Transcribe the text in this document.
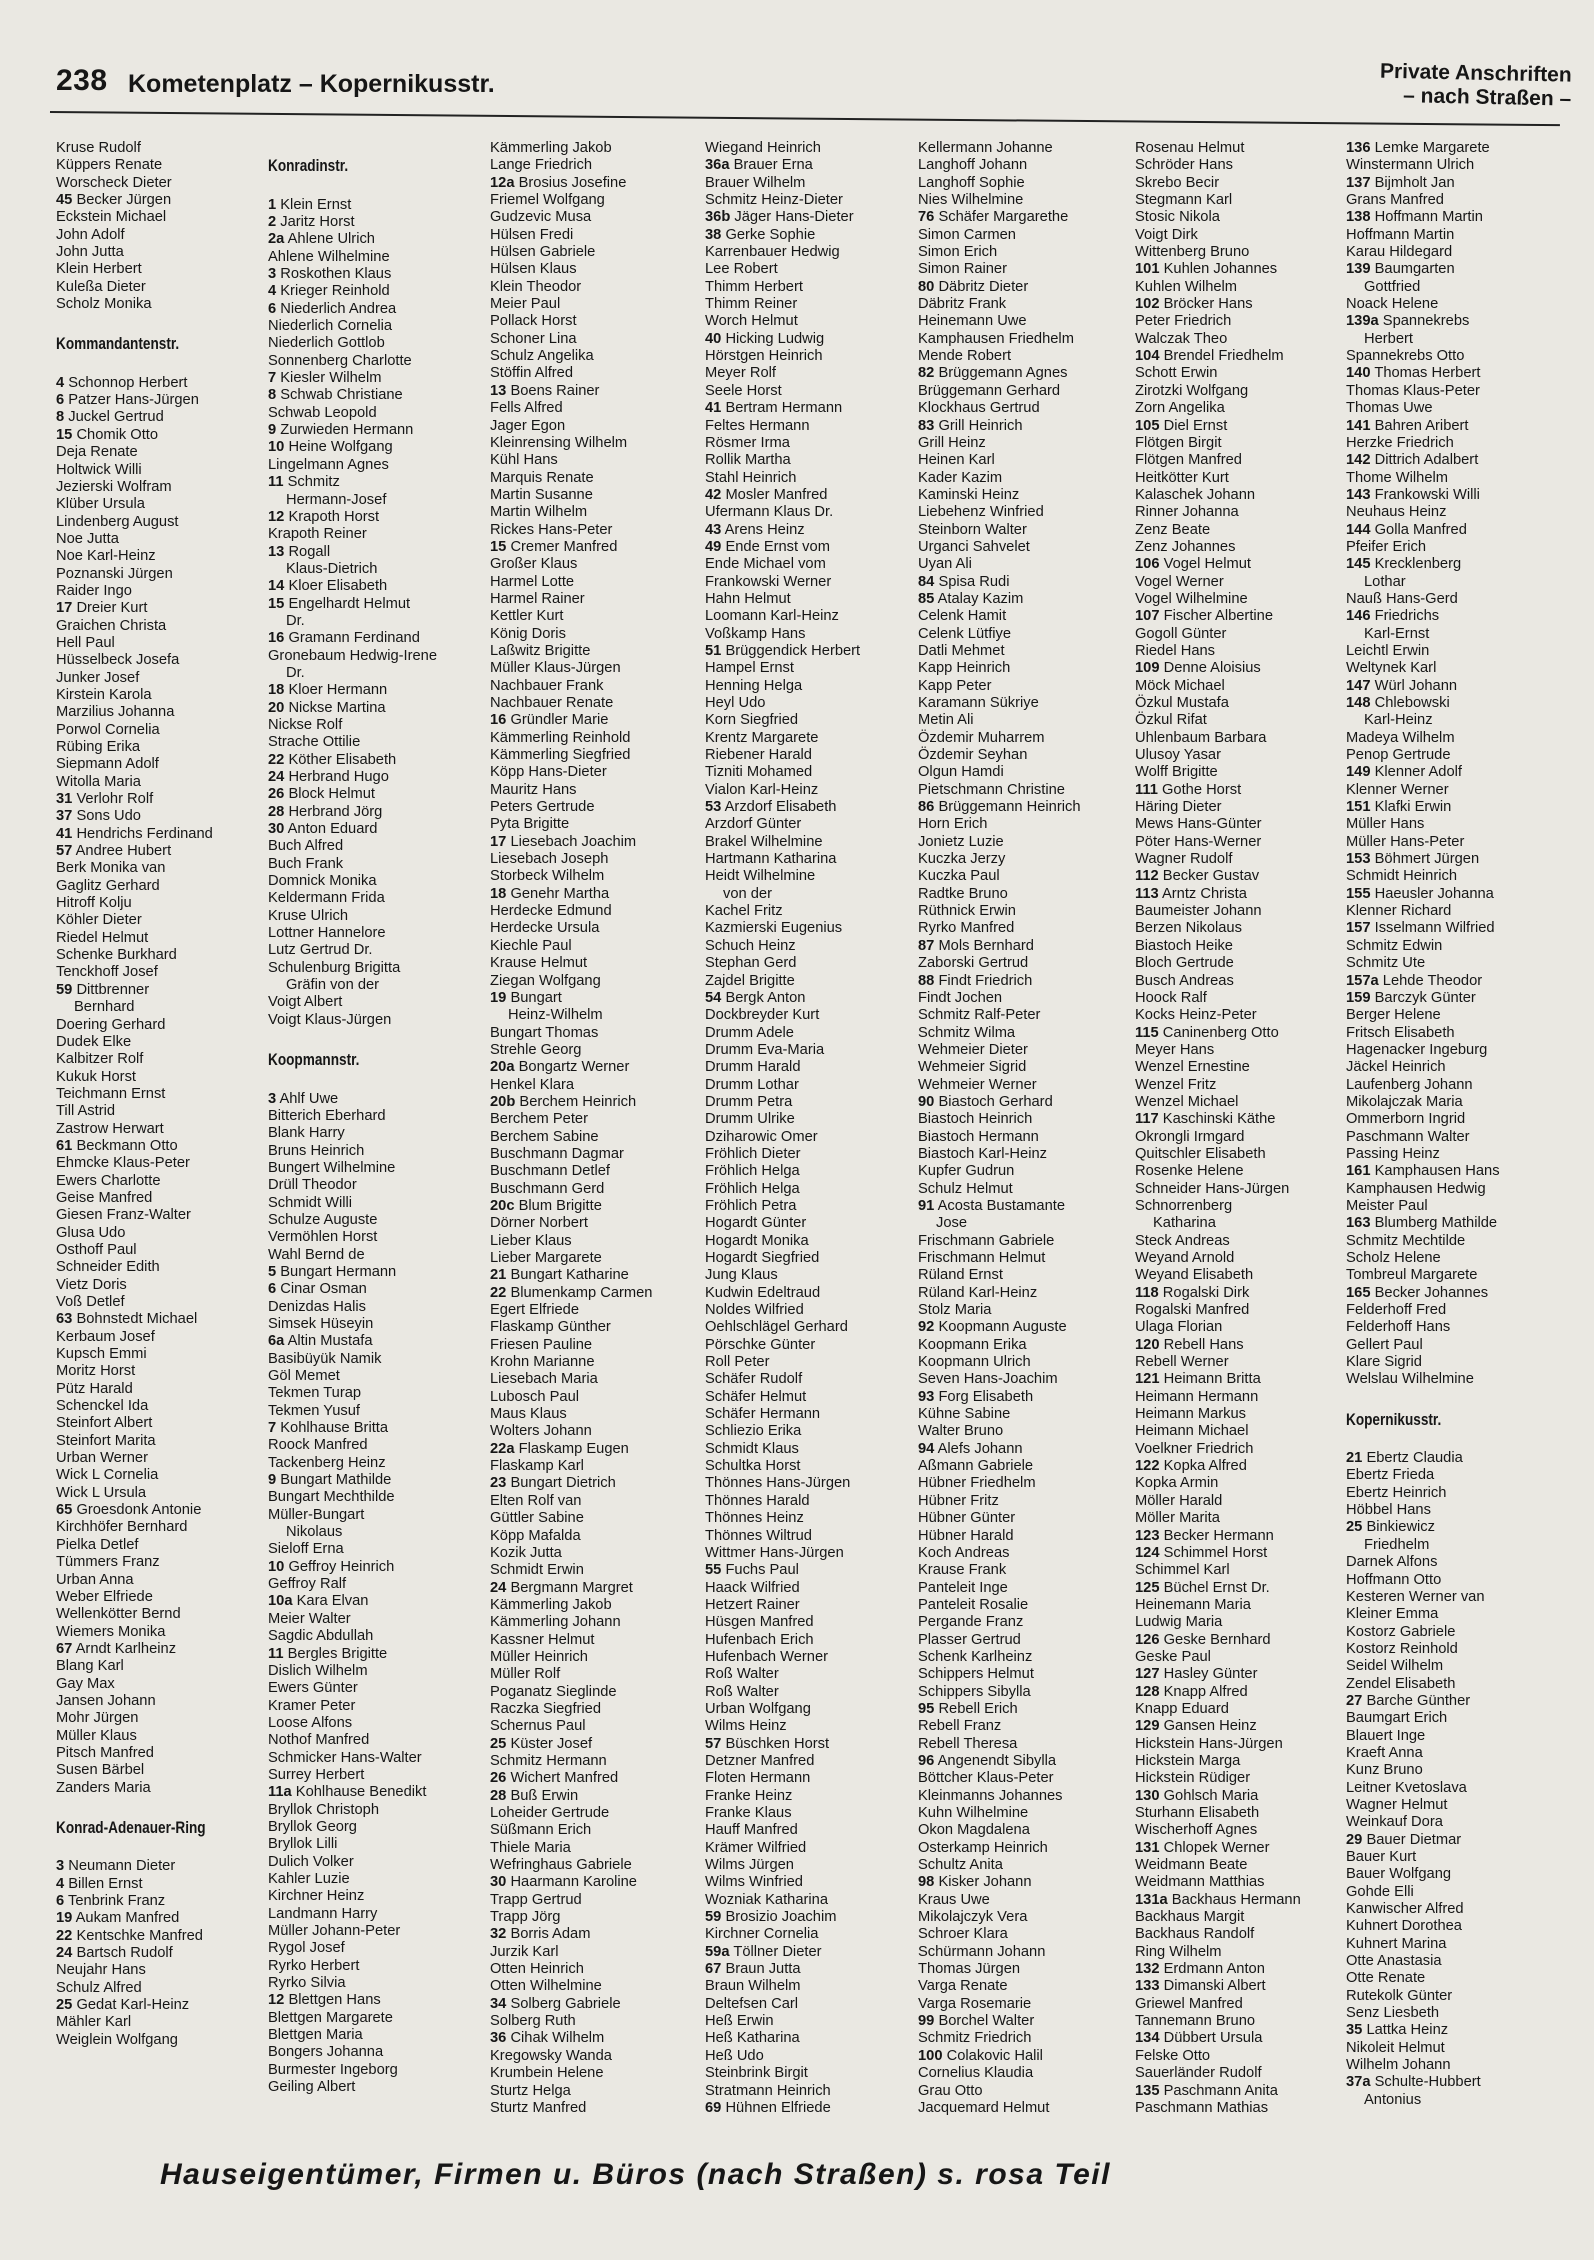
238 Kometenplatz – Kopernikusstr.	Private Anschriften
– nach Straßen –
Kruse Rudolf
Küppers Renate
Worscheck Dieter
45 Becker Jürgen
Eckstein Michael
John Adolf
John Jutta
Klein Herbert
Kuleßa Dieter
Scholz Monika
Kommandantenstr.
4 Schonnop Herbert
6 Patzer Hans-Jürgen
8 Juckel Gertrud
15 Chomik Otto
Deja Renate
Holtwick Willi
Jezierski Wolfram
Klüber Ursula
Lindenberg August
Noe Jutta
Noe Karl-Heinz
Poznanski Jürgen
Raider Ingo
17 Dreier Kurt
Graichen Christa
Hell Paul
Hüsselbeck Josefa
Junker Josef
Kirstein Karola
Marzilius Johanna
Porwol Cornelia
Rübing Erika
Siepmann Adolf
Witolla Maria
31 Verlohr Rolf
37 Sons Udo
41 Hendrichs Ferdinand
57 Andree Hubert
Berk Monika van
Gaglitz Gerhard
Hitroff Kolju
Köhler Dieter
Riedel Helmut
Schenke Burkhard
Tenckhoff Josef
59 Dittbrenner
Bernhard
Doering Gerhard
Dudek Elke
Kalbitzer Rolf
Kukuk Horst
Teichmann Ernst
Till Astrid
Zastrow Herwart
61 Beckmann Otto
Ehmcke Klaus-Peter
Ewers Charlotte
Geise Manfred
Giesen Franz-Walter
Glusa Udo
Osthoff Paul
Schneider Edith
Vietz Doris
Voß Detlef
63 Bohnstedt Michael
Kerbaum Josef
Kupsch Emmi
Moritz Horst
Pütz Harald
Schenckel Ida
Steinfort Albert
Steinfort Marita
Urban Werner
Wick L Cornelia
Wick L Ursula
65 Groesdonk Antonie
Kirchhöfer Bernhard
Pielka Detlef
Tümmers Franz
Urban Anna
Weber Elfriede
Wellenkötter Bernd
Wiemers Monika
67 Arndt Karlheinz
Blang Karl
Gay Max
Jansen Johann
Mohr Jürgen
Müller Klaus
Pitsch Manfred
Susen Bärbel
Zanders Maria
Konrad-Adenauer-Ring
3 Neumann Dieter
4 Billen Ernst
6 Tenbrink Franz
19 Aukam Manfred
22 Kentschke Manfred
24 Bartsch Rudolf
Neujahr Hans
Schulz Alfred
25 Gedat Karl-Heinz
Mähler Karl
Weiglein Wolfgang
Konradinstr.
1 Klein Ernst
2 Jaritz Horst
2a Ahlene Ulrich
Ahlene Wilhelmine
3 Roskothen Klaus
4 Krieger Reinhold
6 Niederlich Andrea
Niederlich Cornelia
Niederlich Gottlob
Sonnenberg Charlotte
7 Kiesler Wilhelm
8 Schwab Christiane
Schwab Leopold
9 Zurwieden Hermann
10 Heine Wolfgang
Lingelmann Agnes
11 Schmitz
Hermann-Josef
12 Krapoth Horst
Krapoth Reiner
13 Rogall
Klaus-Dietrich
14 Kloer Elisabeth
15 Engelhardt Helmut
Dr.
16 Gramann Ferdinand
Gronebaum Hedwig-Irene
Dr.
18 Kloer Hermann
20 Nickse Martina
Nickse Rolf
Strache Ottilie
22 Köther Elisabeth
24 Herbrand Hugo
26 Block Helmut
28 Herbrand Jörg
30 Anton Eduard
Buch Alfred
Buch Frank
Domnick Monika
Keldermann Frida
Kruse Ulrich
Lottner Hannelore
Lutz Gertrud Dr.
Schulenburg Brigitta
Gräfin von der
Voigt Albert
Voigt Klaus-Jürgen
Koopmannstr.
3 Ahlf Uwe
Bitterich Eberhard
Blank Harry
Bruns Heinrich
Bungert Wilhelmine
Drüll Theodor
Schmidt Willi
Schulze Auguste
Vermöhlen Horst
Wahl Bernd de
5 Bungart Hermann
6 Cinar Osman
Denizdas Halis
Simsek Hüseyin
6a Altin Mustafa
Basibüyük Namik
Göl Memet
Tekmen Turap
Tekmen Yusuf
7 Kohlhause Britta
Roock Manfred
Tackenberg Heinz
9 Bungart Mathilde
Bungart Mechthilde
Müller-Bungart
Nikolaus
Sieloff Erna
10 Geffroy Heinrich
Geffroy Ralf
10a Kara Elvan
Meier Walter
Sagdic Abdullah
11 Bergles Brigitte
Dislich Wilhelm
Ewers Günter
Kramer Peter
Loose Alfons
Nothof Manfred
Schmicker Hans-Walter
Surrey Herbert
11a Kohlhause Benedikt
Bryllok Christoph
Bryllok Georg
Bryllok Lilli
Dulich Volker
Kahler Luzie
Kirchner Heinz
Landmann Harry
Müller Johann-Peter
Rygol Josef
Ryrko Herbert
Ryrko Silvia
12 Blettgen Hans
Blettgen Margarete
Blettgen Maria
Bongers Johanna
Burmester Ingeborg
Geiling Albert
Kämmerling Jakob
Lange Friedrich
12a Brosius Josefine
Friemel Wolfgang
Gudzevic Musa
Hülsen Fredi
Hülsen Gabriele
Hülsen Klaus
Klein Theodor
Meier Paul
Pollack Horst
Schoner Lina
Schulz Angelika
Stöffin Alfred
13 Boens Rainer
Fells Alfred
Jager Egon
Kleinrensing Wilhelm
Kühl Hans
Marquis Renate
Martin Susanne
Martin Wilhelm
Rickes Hans-Peter
15 Cremer Manfred
Großer Klaus
Harmel Lotte
Harmel Rainer
Kettler Kurt
König Doris
Laßwitz Brigitte
Müller Klaus-Jürgen
Nachbauer Frank
Nachbauer Renate
16 Gründler Marie
Kämmerling Reinhold
Kämmerling Siegfried
Köpp Hans-Dieter
Mauritz Hans
Peters Gertrude
Pyta Brigitte
17 Liesebach Joachim
Liesebach Joseph
Storbeck Wilhelm
18 Genehr Martha
Herdecke Edmund
Herdecke Ursula
Kiechle Paul
Krause Helmut
Ziegan Wolfgang
19 Bungart
Heinz-Wilhelm
Bungart Thomas
Strehle Georg
20a Bongartz Werner
Henkel Klara
20b Berchem Heinrich
Berchem Peter
Berchem Sabine
Buschmann Dagmar
Buschmann Detlef
Buschmann Gerd
20c Blum Brigitte
Dörner Norbert
Lieber Klaus
Lieber Margarete
21 Bungart Katharine
22 Blumenkamp Carmen
Egert Elfriede
Flaskamp Günther
Friesen Pauline
Krohn Marianne
Liesebach Maria
Lubosch Paul
Maus Klaus
Wolters Johann
22a Flaskamp Eugen
Flaskamp Karl
23 Bungart Dietrich
Elten Rolf van
Güttler Sabine
Köpp Mafalda
Kozik Jutta
Schmidt Erwin
24 Bergmann Margret
Kämmerling Jakob
Kämmerling Johann
Kassner Helmut
Müller Heinrich
Müller Rolf
Poganatz Sieglinde
Raczka Siegfried
Schernus Paul
25 Küster Josef
Schmitz Hermann
26 Wichert Manfred
28 Buß Erwin
Loheider Gertrude
Süßmann Erich
Thiele Maria
Wefringhaus Gabriele
30 Haarmann Karoline
Trapp Gertrud
Trapp Jörg
32 Borris Adam
Jurzik Karl
Otten Heinrich
Otten Wilhelmine
34 Solberg Gabriele
Solberg Ruth
36 Cihak Wilhelm
Kregowsky Wanda
Krumbein Helene
Sturtz Helga
Sturtz Manfred
Wiegand Heinrich
36a Brauer Erna
Brauer Wilhelm
Schmitz Heinz-Dieter
36b Jäger Hans-Dieter
38 Gerke Sophie
Karrenbauer Hedwig
Lee Robert
Thimm Herbert
Thimm Reiner
Worch Helmut
40 Hicking Ludwig
Hörstgen Heinrich
Meyer Rolf
Seele Horst
41 Bertram Hermann
Feltes Hermann
Rösmer Irma
Rollik Martha
Stahl Heinrich
42 Mosler Manfred
Ufermann Klaus Dr.
43 Arens Heinz
49 Ende Ernst vom
Ende Michael vom
Frankowski Werner
Hahn Helmut
Loomann Karl-Heinz
Voßkamp Hans
51 Brüggendick Herbert
Hampel Ernst
Henning Helga
Heyl Udo
Korn Siegfried
Krentz Margarete
Riebener Harald
Tizniti Mohamed
Vialon Karl-Heinz
53 Arzdorf Elisabeth
Arzdorf Günter
Brakel Wilhelmine
Hartmann Katharina
Heidt Wilhelmine
von der
Kachel Fritz
Kazmierski Eugenius
Schuch Heinz
Stephan Gerd
Zajdel Brigitte
54 Bergk Anton
Dockbreyder Kurt
Drumm Adele
Drumm Eva-Maria
Drumm Harald
Drumm Lothar
Drumm Petra
Drumm Ulrike
Dziharowic Omer
Fröhlich Dieter
Fröhlich Helga
Fröhlich Helga
Fröhlich Petra
Hogardt Günter
Hogardt Monika
Hogardt Siegfried
Jung Klaus
Kudwin Edeltraud
Noldes Wilfried
Oehlschlägel Gerhard
Pörschke Günter
Roll Peter
Schäfer Rudolf
Schäfer Helmut
Schäfer Hermann
Schliezio Erika
Schmidt Klaus
Schultka Horst
Thönnes Hans-Jürgen
Thönnes Harald
Thönnes Heinz
Thönnes Wiltrud
Wittmer Hans-Jürgen
55 Fuchs Paul
Haack Wilfried
Hetzert Rainer
Hüsgen Manfred
Hufenbach Erich
Hufenbach Werner
Roß Walter
Roß Walter
Urban Wolfgang
Wilms Heinz
57 Büschken Horst
Detzner Manfred
Floten Hermann
Franke Heinz
Franke Klaus
Hauff Manfred
Krämer Wilfried
Wilms Jürgen
Wilms Winfried
Wozniak Katharina
59 Brosizio Joachim
Kirchner Cornelia
59a Töllner Dieter
67 Braun Jutta
Braun Wilhelm
Deltefsen Carl
Heß Erwin
Heß Katharina
Heß Udo
Steinbrink Birgit
Stratmann Heinrich
69 Hühnen Elfriede
Kellermann Johanne
Langhoff Johann
Langhoff Sophie
Nies Wilhelmine
76 Schäfer Margarethe
Simon Carmen
Simon Erich
Simon Rainer
80 Däbritz Dieter
Däbritz Frank
Heinemann Uwe
Kamphausen Friedhelm
Mende Robert
82 Brüggemann Agnes
Brüggemann Gerhard
Klockhaus Gertrud
83 Grill Heinrich
Grill Heinz
Heinen Karl
Kader Kazim
Kaminski Heinz
Liebehenz Winfried
Steinborn Walter
Urganci Sahvelet
Uyan Ali
84 Spisa Rudi
85 Atalay Kazim
Celenk Hamit
Celenk Lütfiye
Datli Mehmet
Kapp Heinrich
Kapp Peter
Karamann Sükriye
Metin Ali
Özdemir Muharrem
Özdemir Seyhan
Olgun Hamdi
Pietschmann Christine
86 Brüggemann Heinrich
Horn Erich
Jonietz Luzie
Kuczka Jerzy
Kuczka Paul
Radtke Bruno
Rüthnick Erwin
Ryrko Manfred
87 Mols Bernhard
Zaborski Gertrud
88 Findt Friedrich
Findt Jochen
Schmitz Ralf-Peter
Schmitz Wilma
Wehmeier Dieter
Wehmeier Sigrid
Wehmeier Werner
90 Biastoch Gerhard
Biastoch Heinrich
Biastoch Hermann
Biastoch Karl-Heinz
Kupfer Gudrun
Schulz Helmut
91 Acosta Bustamante
Jose
Frischmann Gabriele
Frischmann Helmut
Rüland Ernst
Rüland Karl-Heinz
Stolz Maria
92 Koopmann Auguste
Koopmann Erika
Koopmann Ulrich
Seven Hans-Joachim
93 Forg Elisabeth
Kühne Sabine
Walter Bruno
94 Alefs Johann
Aßmann Gabriele
Hübner Friedhelm
Hübner Fritz
Hübner Günter
Hübner Harald
Koch Andreas
Krause Frank
Panteleit Inge
Panteleit Rosalie
Pergande Franz
Plasser Gertrud
Schenk Karlheinz
Schippers Helmut
Schippers Sibylla
95 Rebell Erich
Rebell Franz
Rebell Theresa
96 Angenendt Sibylla
Böttcher Klaus-Peter
Kleinmanns Johannes
Kuhn Wilhelmine
Okon Magdalena
Osterkamp Heinrich
Schultz Anita
98 Kisker Johann
Kraus Uwe
Mikolajczyk Vera
Schroer Klara
Schürmann Johann
Thomas Jürgen
Varga Renate
Varga Rosemarie
99 Borchel Walter
Schmitz Friedrich
100 Colakovic Halil
Cornelius Klaudia
Grau Otto
Jacquemard Helmut
Rosenau Helmut
Schröder Hans
Skrebo Becir
Stegmann Karl
Stosic Nikola
Voigt Dirk
Wittenberg Bruno
101 Kuhlen Johannes
Kuhlen Wilhelm
102 Bröcker Hans
Peter Friedrich
Walczak Theo
104 Brendel Friedhelm
Schott Erwin
Zirotzki Wolfgang
Zorn Angelika
105 Diel Ernst
Flötgen Birgit
Flötgen Manfred
Heitkötter Kurt
Kalaschek Johann
Rinner Johanna
Zenz Beate
Zenz Johannes
106 Vogel Helmut
Vogel Werner
Vogel Wilhelmine
107 Fischer Albertine
Gogoll Günter
Riedel Hans
109 Denne Aloisius
Möck Michael
Özkul Mustafa
Özkul Rifat
Uhlenbaum Barbara
Ulusoy Yasar
Wolff Brigitte
111 Gothe Horst
Häring Dieter
Mews Hans-Günter
Pöter Hans-Werner
Wagner Rudolf
112 Becker Gustav
113 Arntz Christa
Baumeister Johann
Berzen Nikolaus
Biastoch Heike
Bloch Gertrude
Busch Andreas
Hoock Ralf
Kocks Heinz-Peter
115 Caninenberg Otto
Meyer Hans
Wenzel Ernestine
Wenzel Fritz
Wenzel Michael
117 Kaschinski Käthe
Okrongli Irmgard
Quitschler Elisabeth
Rosenke Helene
Schneider Hans-Jürgen
Schnorrenberg
Katharina
Steck Andreas
Weyand Arnold
Weyand Elisabeth
118 Rogalski Dirk
Rogalski Manfred
Ulaga Florian
120 Rebell Hans
Rebell Werner
121 Heimann Britta
Heimann Hermann
Heimann Markus
Heimann Michael
Voelkner Friedrich
122 Kopka Alfred
Kopka Armin
Möller Harald
Möller Marita
123 Becker Hermann
124 Schimmel Horst
Schimmel Karl
125 Büchel Ernst Dr.
Heinemann Maria
Ludwig Maria
126 Geske Bernhard
Geske Paul
127 Hasley Günter
128 Knapp Alfred
Knapp Eduard
129 Gansen Heinz
Hickstein Hans-Jürgen
Hickstein Marga
Hickstein Rüdiger
130 Gohlsch Maria
Sturhann Elisabeth
Wischerhoff Agnes
131 Chlopek Werner
Weidmann Beate
Weidmann Matthias
131a Backhaus Hermann
Backhaus Margit
Backhaus Randolf
Ring Wilhelm
132 Erdmann Anton
133 Dimanski Albert
Griewel Manfred
Tannemann Bruno
134 Dübbert Ursula
Felske Otto
Sauerländer Rudolf
135 Paschmann Anita
Paschmann Mathias
136 Lemke Margarete
Winstermann Ulrich
137 Bijmholt Jan
Grans Manfred
138 Hoffmann Martin
Hoffmann Martin
Karau Hildegard
139 Baumgarten
Gottfried
Noack Helene
139a Spannekrebs
Herbert
Spannekrebs Otto
140 Thomas Herbert
Thomas Klaus-Peter
Thomas Uwe
141 Bahren Aribert
Herzke Friedrich
142 Dittrich Adalbert
Thome Wilhelm
143 Frankowski Willi
Neuhaus Heinz
144 Golla Manfred
Pfeifer Erich
145 Krecklenberg
Lothar
Nauß Hans-Gerd
146 Friedrichs
Karl-Ernst
Leichtl Erwin
Weltynek Karl
147 Würl Johann
148 Chlebowski
Karl-Heinz
Madeya Wilhelm
Penop Gertrude
149 Klenner Adolf
Klenner Werner
151 Klafki Erwin
Müller Hans
Müller Hans-Peter
153 Böhmert Jürgen
Schmidt Heinrich
155 Haeusler Johanna
Klenner Richard
157 Isselmann Wilfried
Schmitz Edwin
Schmitz Ute
157a Lehde Theodor
159 Barczyk Günter
Berger Helene
Fritsch Elisabeth
Hagenacker Ingeburg
Jäckel Heinrich
Laufenberg Johann
Mikolajczak Maria
Ommerborn Ingrid
Paschmann Walter
Passing Heinz
161 Kamphausen Hans
Kamphausen Hedwig
Meister Paul
163 Blumberg Mathilde
Schmitz Mechtilde
Scholz Helene
Tombreul Margarete
165 Becker Johannes
Felderhoff Fred
Felderhoff Hans
Gellert Paul
Klare Sigrid
Welslau Wilhelmine
Kopernikusstr.
21 Ebertz Claudia
Ebertz Frieda
Ebertz Heinrich
Höbbel Hans
25 Binkiewicz
Friedhelm
Darnek Alfons
Hoffmann Otto
Kesteren Werner van
Kleiner Emma
Kostorz Gabriele
Kostorz Reinhold
Seidel Wilhelm
Zendel Elisabeth
27 Barche Günther
Baumgart Erich
Blauert Inge
Kraeft Anna
Kunz Bruno
Leitner Kvetoslava
Wagner Helmut
Weinkauf Dora
29 Bauer Dietmar
Bauer Kurt
Bauer Wolfgang
Gohde Elli
Kanwischer Alfred
Kuhnert Dorothea
Kuhnert Marina
Otte Anastasia
Otte Renate
Rutekolk Günter
Senz Liesbeth
35 Lattka Heinz
Nikoleit Helmut
Wilhelm Johann
37a Schulte-Hubbert
Antonius
Hauseigentümer, Firmen u. Büros (nach Straßen) s. rosa Teil
